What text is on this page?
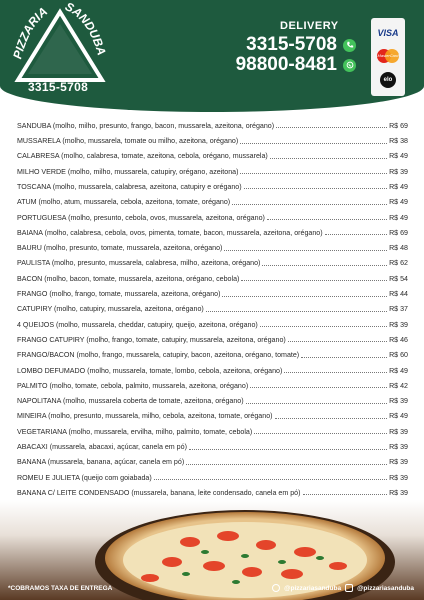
PIZZARIA SANDUBA
3315-5708
DELIVERY
3315-5708
98800-8481
VISA
MasterCard
elo
SANDUBA (molho, milho, presunto, frango, bacon, mussarela, azeitona, orégano)	R$ 69
MUSSARELA (molho, mussarela, tomate ou milho, azeitona, orégano)	R$ 38
CALABRESA (molho, calabresa, tomate, azeitona, cebola, orégano, mussarela)	R$ 49
MILHO VERDE (molho, milho, mussarela, catupiry, orégano, azeitona)	R$ 39
TOSCANA (molho, mussarela, calabresa, azeitona, catupiry e orégano)	R$ 49
ATUM (molho, atum, mussarela, cebola, azeitona, tomate, orégano)	R$ 49
PORTUGUESA (molho, presunto, cebola, ovos, mussarela, azeitona, orégano)	R$ 49
BAIANA (molho, calabresa, cebola, ovos, pimenta, tomate, bacon, mussarela, azeitona, orégano)	R$ 69
BAURU (molho, presunto, tomate, mussarela, azeitona, orégano)	R$ 48
PAULISTA (molho, presunto, mussarela, calabresa, milho, azeitona, orégano)	R$ 62
BACON (molho, bacon, tomate, mussarela, azeitona, orégano, cebola)	R$ 54
FRANGO (molho, frango, tomate, mussarela, azeitona, orégano)	R$ 44
CATUPIRY (molho, catupiry, mussarela, azeitona, orégano)	R$ 37
4 QUEIJOS (molho, mussarela, cheddar, catupiry, queijo, azeitona, orégano)	R$ 39
FRANGO CATUPIRY (molho, frango, tomate, catupiry, mussarela, azeitona, orégano)	R$ 46
FRANGO/BACON (molho, frango, mussarela, catupiry, bacon, azeitona, orégano, tomate)	R$ 60
LOMBO DEFUMADO (molho, mussarela, tomate, lombo, cebola, azeitona, orégano)	R$ 49
PALMITO (molho, tomate, cebola, palmito, mussarela, azeitona, orégano)	R$ 42
NAPOLITANA (molho, mussarela coberta de tomate, azeitona, orégano)	R$ 39
MINEIRA (molho, presunto, mussarela, milho, cebola, azeitona, tomate, orégano)	R$ 49
VEGETARIANA (molho, mussarela, ervilha, milho, palmito, tomate, cebola)	R$ 39
ABACAXI (mussarela, abacaxi, açúcar, canela em pó)	R$ 39
BANANA (mussarela, banana, açúcar, canela em pó)	R$ 39
ROMEU E JULIETA (queijo com goiabada)	R$ 39
BANANA C/ LEITE CONDENSADO (mussarela, banana, leite condensado, canela em pó)	R$ 39
*COBRAMOS TAXA DE ENTREGA	@pizzariasanduba @pizzariasanduba
